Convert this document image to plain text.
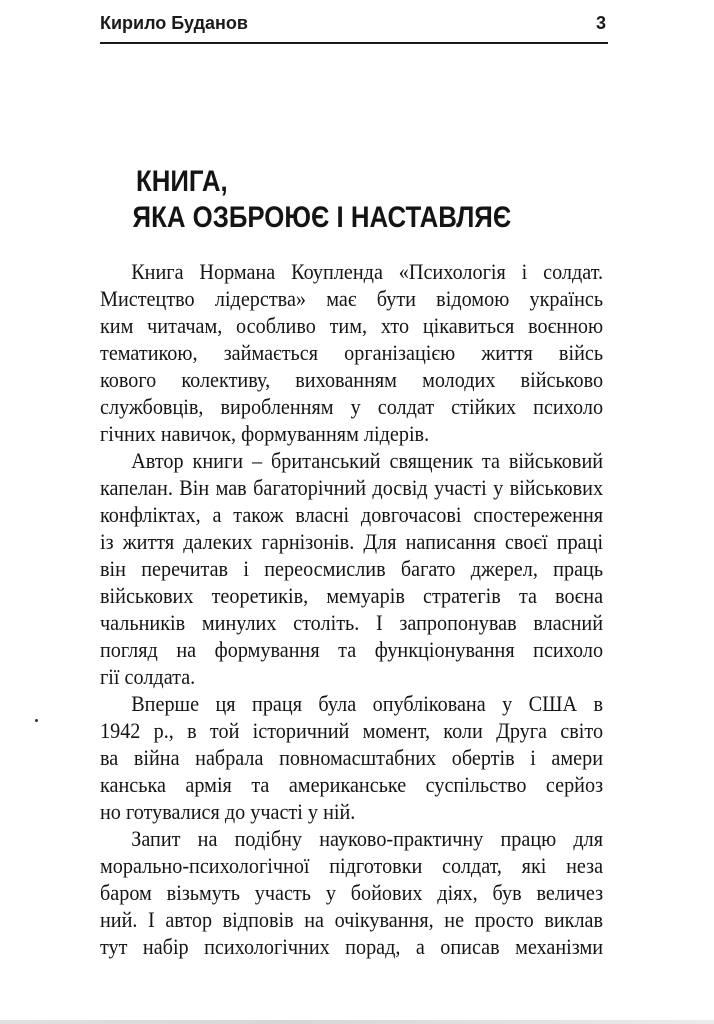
Кирило Буданов	3
КНИГА,
ЯКА ОЗБРОЮЄ І НАСТАВЛЯЄ

Книга Нормана Коупленда «Психологія і солдат.
Мистецтво лідерства» має бути відомою українсь
ким читачам, особливо тим, хто цікавиться воєнною
тематикою, займається організацією життя війсь
кового колективу, вихованням молодих військово
службовців, виробленням у солдат стійких психоло
гічних навичок, формуванням лідерів.

Автор книги – британський священик та військовий
капелан. Він мав багаторічний досвід участі у військових
конфліктах, а також власні довгочасові спостереження
із життя далеких гарнізонів. Для написання своєї праці
він перечитав і переосмислив багато джерел, праць
військових теоретиків, мемуарів стратегів та воєна
чальників минулих століть. І запропонував власний
погляд на формування та функціонування психоло
гії солдата.

Вперше ця праця була опублікована у США в
1942 р., в той історичний момент, коли Друга світо
ва війна набрала повномасштабних обертів і амери
канська армія та американське суспільство серйоз
но готувалися до участі у ній.

Запит на подібну науково-практичну працю для
морально-психологічної підготовки солдат, які неза
баром візьмуть участь у бойових діях, був величез
ний. І автор відповів на очікування, не просто виклав
тут набір психологічних порад, а описав механізми
